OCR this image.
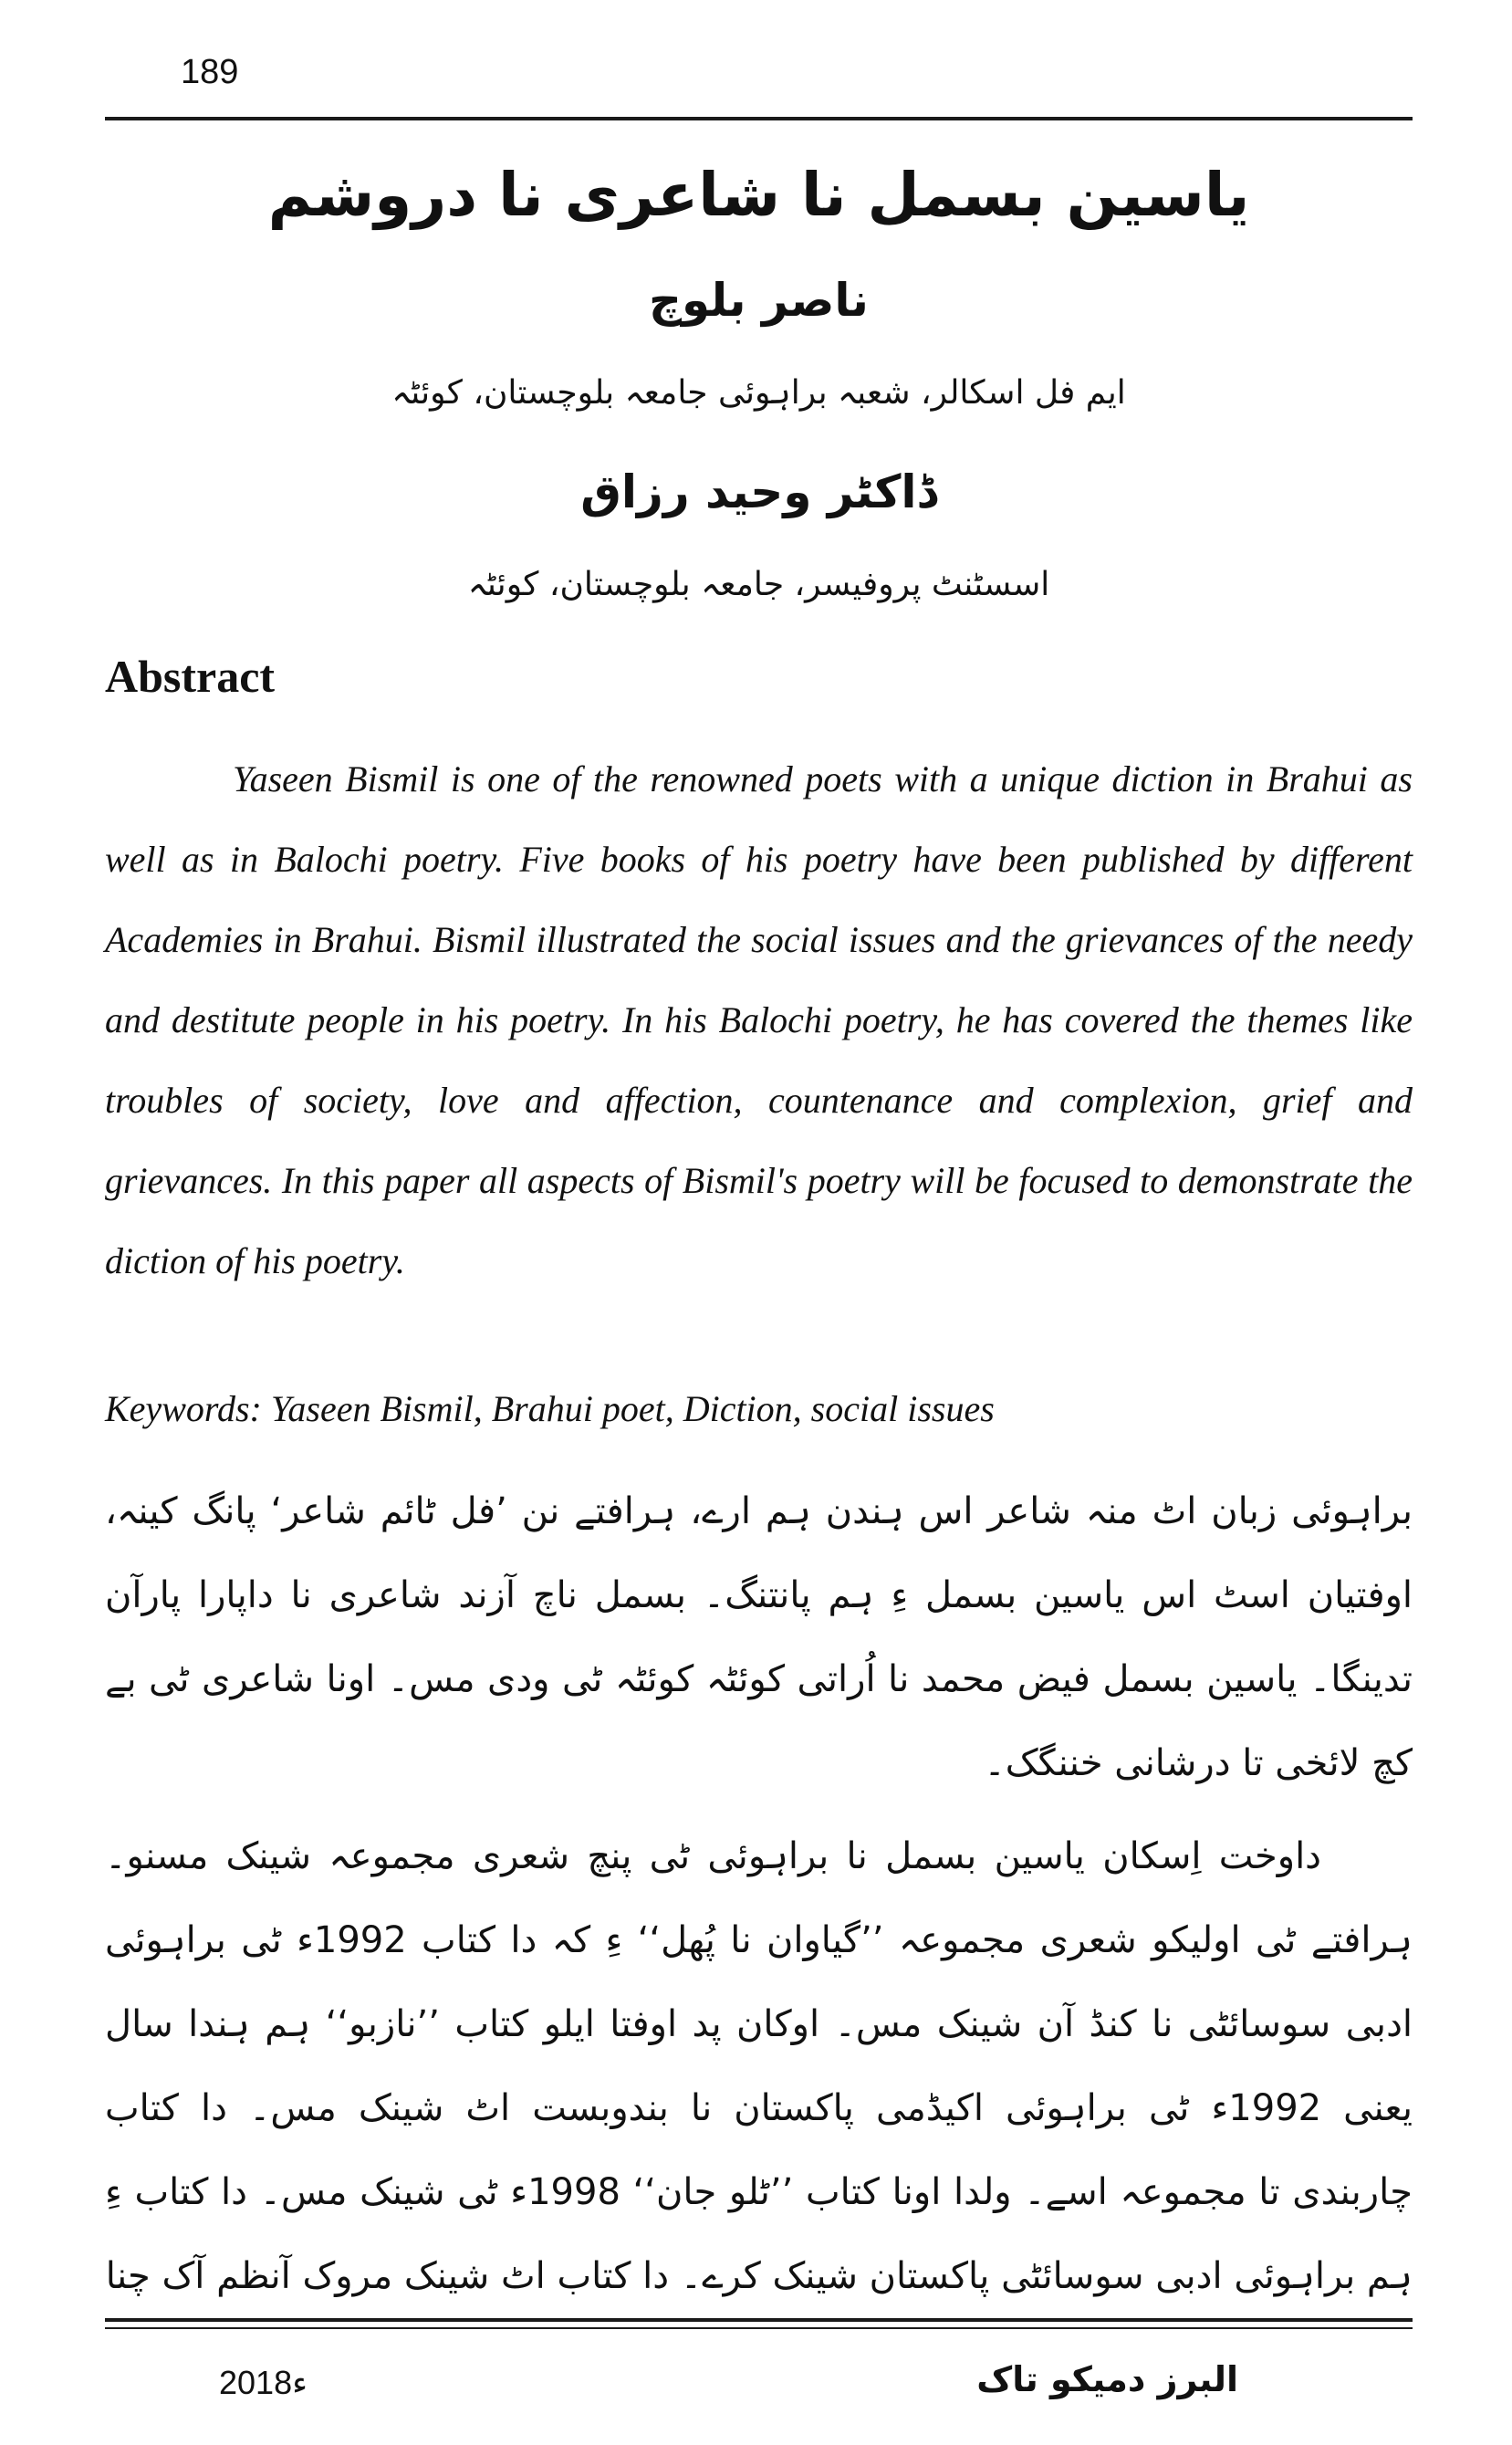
189
یاسین بسمل نا شاعری نا دروشم
ناصر بلوچ
ایم فل اسکالر، شعبہ براہوئی جامعہ بلوچستان، کوئٹہ
ڈاکٹر وحید رزاق
اسسٹنٹ پروفیسر، جامعہ بلوچستان، کوئٹہ
Abstract

Yaseen Bismil is one of the renowned poets with a unique diction in Brahui as well as in Balochi poetry. Five books of his poetry have been published by different Academies in Brahui. Bismil illustrated the social issues and the grievances of the needy and destitute people in his poetry. In his Balochi poetry, he has covered the themes like troubles of society, love and affection, countenance and complexion, grief and grievances. In this paper all aspects of Bismil's poetry will be focused to demonstrate the diction of his poetry.

Keywords: Yaseen Bismil, Brahui poet, Diction, social issues

براہوئی زبان اٹ منہ شاعر اس ہندن ہم ارے، ہرافتے نن ’فل ٹائم شاعر‘ پانگ کینہ، اوفتیان اسٹ اس یاسین بسمل ءِ ہم پانتنگ۔ بسمل ناچ آزند شاعری نا داپارا پارآن تدینگا۔ یاسین بسمل فیض محمد نا اُراتی کوئٹہ کوئٹہ ٹی ودی مس۔ اونا شاعری ٹی بے کچ لائخی تا درشانی خننگک۔

داوخت اِسکان یاسین بسمل نا براہوئی ٹی پنچ شعری مجموعہ شینک مسنو۔ ہرافتے ٹی اولیکو شعری مجموعہ ’’گیاوان نا پُھل‘‘ ءِ کہ دا کتاب 1992ء ٹی براہوئی ادبی سوسائٹی نا کنڈ آن شینک مس۔ اوکان پد اوفتا ایلو کتاب ’’نازبو‘‘ ہم ہندا سال یعنی 1992ء ٹی براہوئی اکیڈمی پاکستان نا بندوبست اٹ شینک مس۔ دا کتاب چاربندی تا مجموعہ اسے۔ ولدا اونا کتاب ’’ٹلو جان‘‘ 1998ء ٹی شینک مس۔ دا کتاب ءِ ہم براہوئی ادبی سوسائٹی پاکستان شینک کرے۔ دا کتاب اٹ شینک مروک آنظم آک چنا

2018ء	البرز دمیکو تاک
